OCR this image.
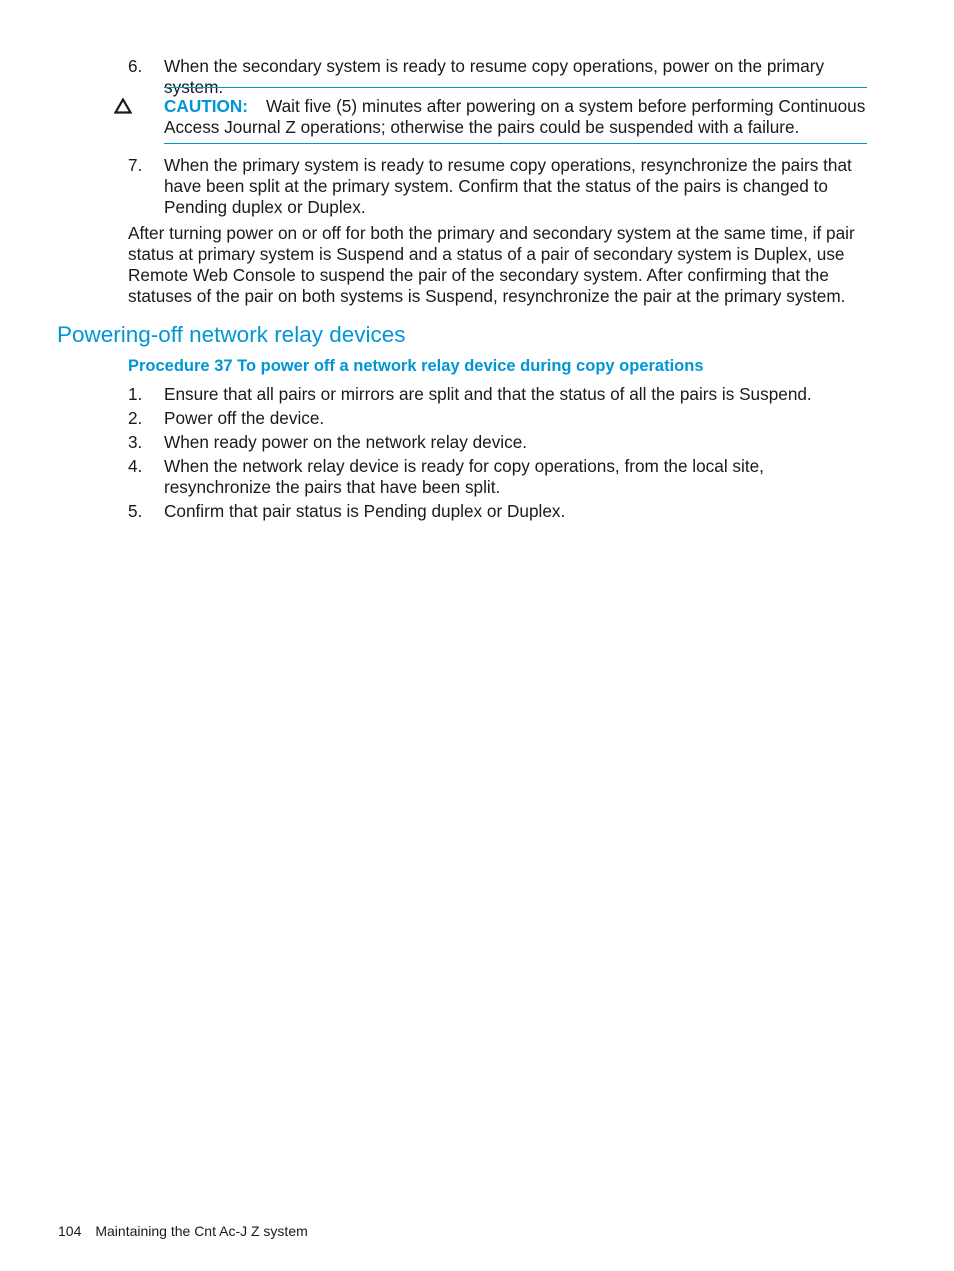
6.	When the secondary system is ready to resume copy operations, power on the primary system.
CAUTION: Wait five (5) minutes after powering on a system before performing Continuous Access Journal Z operations; otherwise the pairs could be suspended with a failure.
7.	When the primary system is ready to resume copy operations, resynchronize the pairs that have been split at the primary system. Confirm that the status of the pairs is changed to Pending duplex or Duplex.
After turning power on or off for both the primary and secondary system at the same time, if pair status at primary system is Suspend and a status of a pair of secondary system is Duplex, use Remote Web Console to suspend the pair of the secondary system. After confirming that the statuses of the pair on both systems is Suspend, resynchronize the pair at the primary system.
Powering-off network relay devices
Procedure 37 To power off a network relay device during copy operations
1.	Ensure that all pairs or mirrors are split and that the status of all the pairs is Suspend.
2.	Power off the device.
3.	When ready power on the network relay device.
4.	When the network relay device is ready for copy operations, from the local site, resynchronize the pairs that have been split.
5.	Confirm that pair status is Pending duplex or Duplex.
104 Maintaining the Cnt Ac-J Z system
